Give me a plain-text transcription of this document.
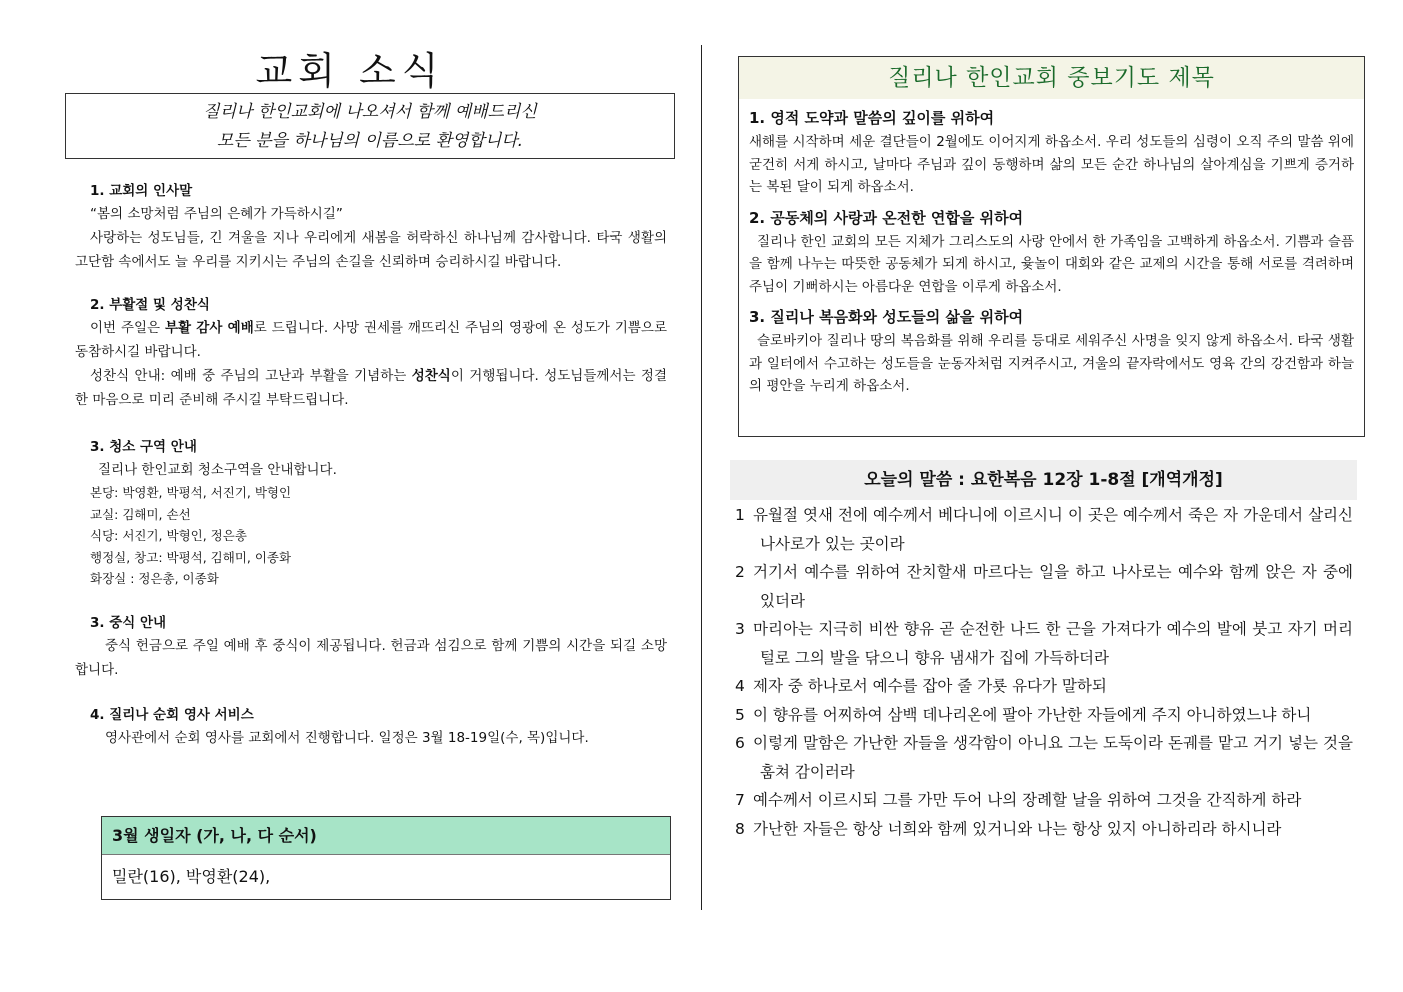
교회 소식
질리나 한인교회에 나오셔서 함께 예배드리신
모든 분을 하나님의 이름으로 환영합니다.
1. 교회의 인사말
“봄의 소망처럼 주님의 은혜가 가득하시길”
사랑하는 성도님들, 긴 겨울을 지나 우리에게 새봄을 허락하신 하나님께 감사합니다. 타국 생활의 고단함 속에서도 늘 우리를 지키시는 주님의 손길을 신뢰하며 승리하시길 바랍니다.
2. 부활절 및 성찬식
이번 주일은 부활 감사 예배로 드립니다. 사망 권세를 깨뜨리신 주님의 영광에 온 성도가 기쁨으로 동참하시길 바랍니다.
성찬식 안내: 예배 중 주님의 고난과 부활을 기념하는 성찬식이 거행됩니다. 성도님들께서는 정결한 마음으로 미리 준비해 주시길 부탁드립니다.
3. 청소 구역 안내
질리나 한인교회 청소구역을 안내합니다.
본당: 박영환, 박평석, 서진기, 박형인
교실: 김해미, 손선
식당: 서진기, 박형인, 정은총
행정실, 창고: 박평석, 김해미, 이종화
화장실 : 정은총, 이종화
3. 중식 안내
중식 헌금으로 주일 예배 후 중식이 제공됩니다. 헌금과 섬김으로 함께 기쁨의 시간을 되길 소망합니다.
4. 질리나 순회 영사 서비스
영사관에서 순회 영사를 교회에서 진행합니다. 일정은 3월 18-19일(수, 목)입니다.
3월 생일자 (가, 나, 다 순서)
밀란(16), 박영환(24),
질리나 한인교회 중보기도 제목
1. 영적 도약과 말씀의 깊이를 위하여
새해를 시작하며 세운 결단들이 2월에도 이어지게 하옵소서. 우리 성도들의 심령이 오직 주의 말씀 위에 굳건히 서게 하시고, 날마다 주님과 깊이 동행하며 삶의 모든 순간 하나님의 살아계심을 기쁘게 증거하는 복된 달이 되게 하옵소서.
2. 공동체의 사랑과 온전한 연합을 위하여
질리나 한인 교회의 모든 지체가 그리스도의 사랑 안에서 한 가족임을 고백하게 하옵소서. 기쁨과 슬픔을 함께 나누는 따뜻한 공동체가 되게 하시고, 윷놀이 대회와 같은 교제의 시간을 통해 서로를 격려하며 주님이 기뻐하시는 아름다운 연합을 이루게 하옵소서.
3. 질리나 복음화와 성도들의 삶을 위하여
슬로바키아 질리나 땅의 복음화를 위해 우리를 등대로 세워주신 사명을 잊지 않게 하옵소서. 타국 생활과 일터에서 수고하는 성도들을 눈동자처럼 지켜주시고, 겨울의 끝자락에서도 영육 간의 강건함과 하늘의 평안을 누리게 하옵소서.
오늘의 말씀 : 요한복음 12장 1-8절 [개역개정]
1 유월절 엿새 전에 예수께서 베다니에 이르시니 이 곳은 예수께서 죽은 자 가운데서 살리신 나사로가 있는 곳이라
2 거기서 예수를 위하여 잔치할새 마르다는 일을 하고 나사로는 예수와 함께 앉은 자 중에 있더라
3 마리아는 지극히 비싼 향유 곧 순전한 나드 한 근을 가져다가 예수의 발에 붓고 자기 머리털로 그의 발을 닦으니 향유 냄새가 집에 가득하더라
4 제자 중 하나로서 예수를 잡아 줄 가룟 유다가 말하되
5 이 향유를 어찌하여 삼백 데나리온에 팔아 가난한 자들에게 주지 아니하였느냐 하니
6 이렇게 말함은 가난한 자들을 생각함이 아니요 그는 도둑이라 돈궤를 맡고 거기 넣는 것을 훔쳐 감이러라
7 예수께서 이르시되 그를 가만 두어 나의 장례할 날을 위하여 그것을 간직하게 하라
8 가난한 자들은 항상 너희와 함께 있거니와 나는 항상 있지 아니하리라 하시니라
